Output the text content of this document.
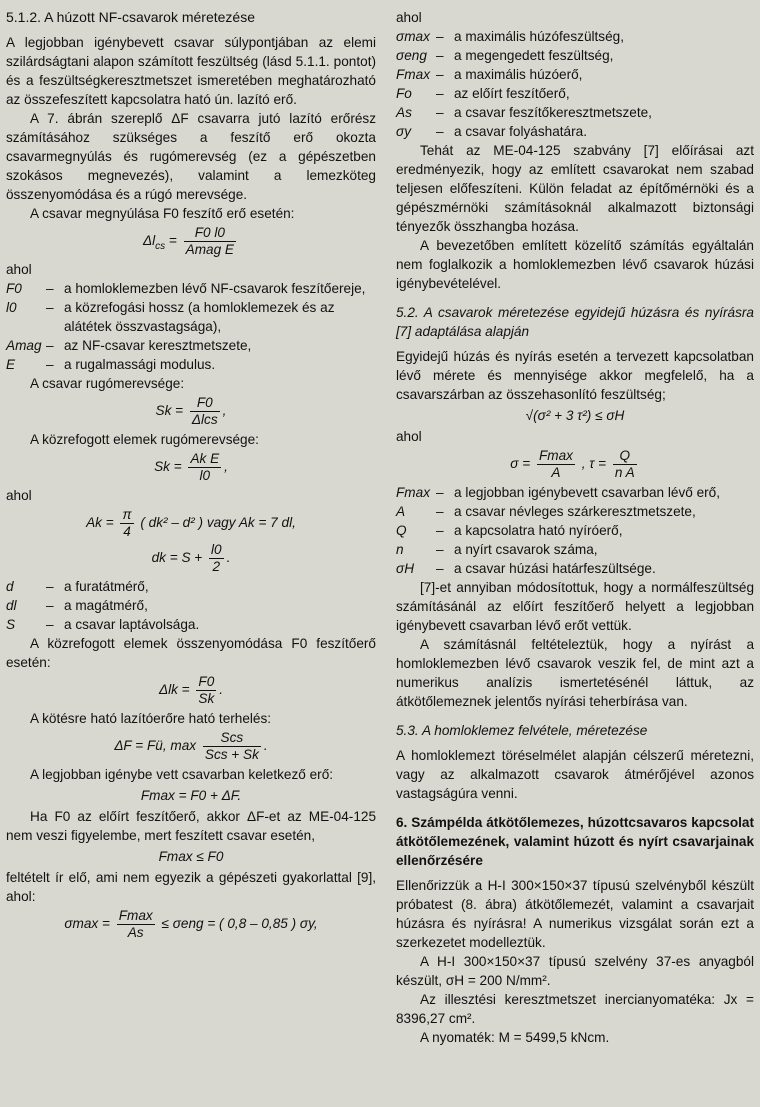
5.1.2. A húzott NF-csavarok méretezése

A legjobban igénybevett csavar súlypontjában az elemi szilárdságtani alapon számított feszültség (lásd 5.1.1. pontot) és a feszültségkeresztmetszet ismeretében meghatározható az összefeszített kapcsolatra ható ún. lazító erő.

A 7. ábrán szereplő ΔF csavarra jutó lazító erőrész számításához szükséges a feszítő erő okozta csavarmegnyúlás és rugómerevség (ez a gépészetben szokásos megnevezés), valamint a lemezköteg összenyomódása és a rúgó merevsége.

A csavar megnyúlása F0 feszítő erő esetén:

$\Delta l_{cs} = \frac{F0 l0}{\text{Amag E}}$

ahol

F0	– a homloklemezben lévő NF-csavarok feszítőereje,
l0	– a közrefogási hossz (a homloklemezek és az alátétek összvastagsága),
Amag – az NF-csavar keresztmetszete,
E	– a rugalmassági modulus.

A csavar rugómerevsége:

$Sk = \frac{F0}{\text{Δlcs}}$ ,

A közrefogott elemek rugómerevsége:

$Sk = \frac{\text{Ak E}}{l0}$ ,

ahol

$Ak = \frac{\pi}{4}$ ( dk² – d² ) vagy Ak = 7 dl,
dk = $S + \frac{l0}{2}$ .
d	– a furatátmérő,
dl	– a magátmérő,
S	– a csavar laptávolsága.

A közrefogott elemek összenyomódása F0 feszítőerő esetén:

$\Delta lk = \frac{F0}{Sk}$ .

A kötésre ható lazítóerőre ható terhelés:

ΔF = Fü, $\max \frac{\text{Scs}}{\text{Scs + Sk}}$ .

A legjobban igénybe vett csavarban keletkező erő:

Fmax = F0 + ΔF.

Ha F0 az előírt feszítőerő, akkor ΔF-et az ME-04-125 nem veszi figyelembe, mert feszített csavar esetén,

Fmax ≤ F0

feltételt ír elő, ami nem egyezik a gépészeti gyakorlattal [9], ahol:

$\sigma\max = \frac{Fmax}{As} \le \sigma eng$ = ( 0,8 – 0,85 ) σy,

ahol

σmax – a maximális húzófeszültség,
σeng – a megengedett feszültség,
Fmax – a maximális húzóerő,
Fo	– az előírt feszítőerő,
As	– a csavar feszítőkeresztmetszete,
σy	– a csavar folyáshatára.

Tehát az ME-04-125 szabvány [7] előírásai azt eredményezik, hogy az említett csavarokat nem szabad teljesen előfeszíteni. Külön feladat az építőmérnöki és a gépészmérnöki számításoknál alkalmazott biztonsági tényezők összhangba hozása.

A bevezetőben említett közelítő számítás egyáltalán nem foglalkozik a homloklemezben lévő csavarok húzási igénybevételével.

5.2. A csavarok méretezése egyidejű húzásra és nyírásra [7] adaptálása alapján

Egyidejű húzás és nyírás esetén a tervezett kapcsolatban lévő mérete és mennyisége akkor megfelelő, ha a csavarszárban az összehasonlító feszültség;

√(σ² + 3 τ²) ≤ σH

ahol

$\sigma = \frac{Fmax}{A}$ , $\tau = \frac{Q}{\text{n A}}$
Fmax – a legjobban igénybevett csavarban lévő erő,
A	– a csavar névleges szárkeresztmetszete,
Q	– a kapcsolatra ható nyíróerő,
n	– a nyírt csavarok száma,
σH	– a csavar húzási határfeszültsége.

[7]-et annyiban módosítottuk, hogy a normálfeszültség számításánál az előírt feszítőerő helyett a legjobban igénybevett csavarban lévő erőt vettük.

A számításnál feltételeztük, hogy a nyírást a homloklemezben lévő csavarok veszik fel, de mint azt a numerikus analízis ismertetésénél láttuk, az átkötőlemeznek jelentős nyírási teherbírása van.

5.3. A homloklemez felvétele, méretezése

A homloklemezt töréselmélet alapján célszerű méretezni, vagy az alkalmazott csavarok átmérőjével azonos vastagságúra venni.

6. Számpélda átkötőlemezes, húzottcsavaros kapcsolat átkötőlemezének, valamint húzott és nyírt csavarjainak ellenőrzésére

Ellenőrizzük a H-I 300×150×37 típusú szelvényből készült próbatest (8. ábra) átkötőlemezét, valamint a csavarjait húzásra és nyírásra! A numerikus vizsgálat során ezt a szerkezetet modelleztük.

A H-I 300×150×37 típusú szelvény 37-es anyagból készült, σH = 200 N/mm².

Az illesztési keresztmetszet inercianyomatéka: Jx = 8396,27 cm².

A nyomaték: M = 5499,5 kNcm.
